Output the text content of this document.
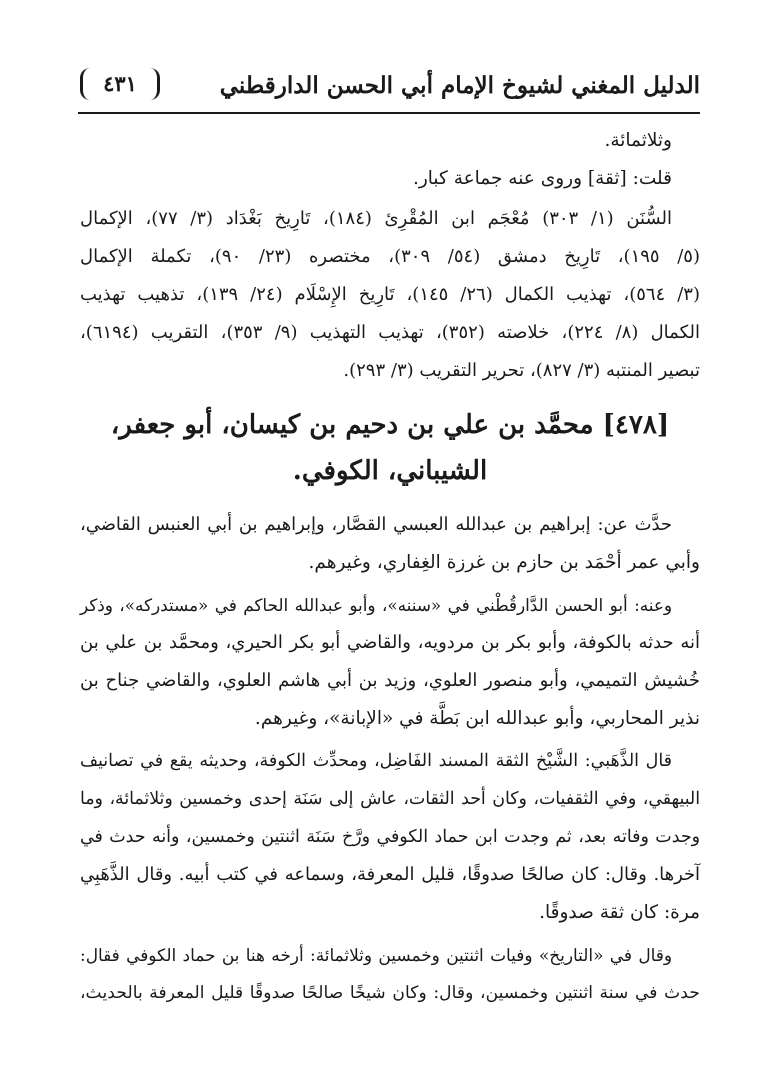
الدليل المغني لشيوخ الإمام أبي الحسن الدارقطني
٤٣١

وثلاثمائة.

قلت: [ثقة] وروى عنه جماعة كبار.

السُّنَن (١/ ٣٠٣) مُعْجَم ابن المُقْرِئ (١٨٤)، تَارِيخ بَغْدَاد (٣/ ٧٧)، الإكمال
(٥/ ١٩٥)، تَارِيخ دمشق (٥٤/ ٣٠٩)، مختصره (٢٣/ ٩٠)، تكملة الإكمال
(٣/ ٥٦٤)، تهذيب الكمال (٢٦/ ١٤٥)، تَارِيخ الإِسْلَام (٢٤/ ١٣٩)، تذهيب تهذيب
الكمال (٨/ ٢٢٤)، خلاصته (٣٥٢)، تهذيب التهذيب (٩/ ٣٥٣)، التقريب (٦١٩٤)،
تبصير المنتبه (٣/ ٨٢٧)، تحرير التقريب (٣/ ٢٩٣).

[٤٧٨] محمَّد بن علي بن دحيم بن كيسان، أبو جعفر،
الشيباني، الكوفي.

حدَّث عن: إبراهيم بن عبدالله العبسي القصَّار، وإبراهيم بن أبي العنبس القاضي،
وأبي عمر أحْمَد بن حازم بن غرزة الغِفاري، وغيرهم.

وعنه: أبو الحسن الدَّارقُطْني في «سننه»، وأبو عبدالله الحاكم في «مستدركه»، وذكر
أنه حدثه بالكوفة، وأبو بكر بن مردويه، والقاضي أبو بكر الحيري، ومحمَّد بن علي بن
خُشيش التميمي، وأبو منصور العلوي، وزيد بن أبي هاشم العلوي، والقاضي جناح بن
نذير المحاربي، وأبو عبدالله ابن بَطَّة في «الإبانة»، وغيرهم.

قال الذَّهَبي: الشَّيْخ الثقة المسند الفَاضِل، ومحدِّث الكوفة، وحديثه يقع في تصانيف
البيهقي، وفي الثقفيات، وكان أحد الثقات، عاش إلى سَنَة إحدى وخمسين وثلاثمائة، وما
وجدت وفاته بعد، ثم وجدت ابن حماد الكوفي ورَّخ سَنَة اثنتين وخمسين، وأنه حدث في
آخرها. وقال: كان صالحًا صدوقًا، قليل المعرفة، وسماعه في كتب أبيه. وقال الذَّهَبِي
مرة: كان ثقة صدوقًا.

وقال في «التاريخ» وفيات اثنتين وخمسين وثلاثمائة: أرخه هنا بن حماد الكوفي فقال:
حدث في سنة اثنتين وخمسين، وقال: وكان شيخًا صالحًا صدوقًا قليل المعرفة بالحديث،
